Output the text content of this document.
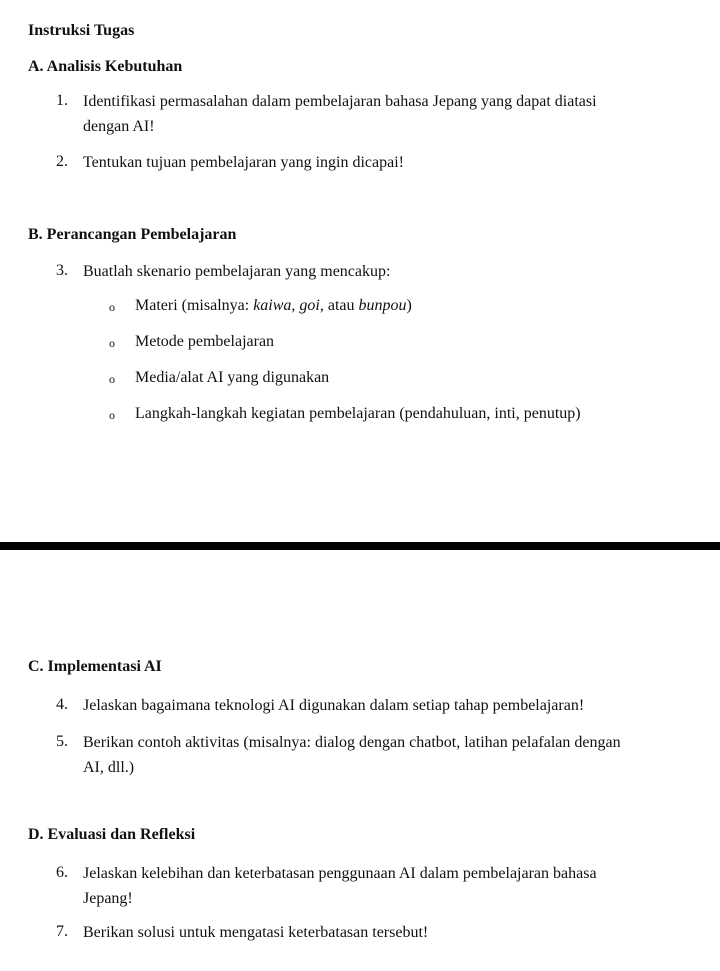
Instruksi Tugas
A. Analisis Kebutuhan
1. Identifikasi permasalahan dalam pembelajaran bahasa Jepang yang dapat diatasi
dengan AI!
2. Tentukan tujuan pembelajaran yang ingin dicapai!
B. Perancangan Pembelajaran
3. Buatlah skenario pembelajaran yang mencakup:
o Materi (misalnya: kaiwa, goi, atau bunpou)
o Metode pembelajaran
o Media/alat AI yang digunakan
o Langkah-langkah kegiatan pembelajaran (pendahuluan, inti, penutup)
C. Implementasi AI
4. Jelaskan bagaimana teknologi AI digunakan dalam setiap tahap pembelajaran!
5. Berikan contoh aktivitas (misalnya: dialog dengan chatbot, latihan pelafalan dengan
AI, dll.)
D. Evaluasi dan Refleksi
6. Jelaskan kelebihan dan keterbatasan penggunaan AI dalam pembelajaran bahasa
Jepang!
7. Berikan solusi untuk mengatasi keterbatasan tersebut!
